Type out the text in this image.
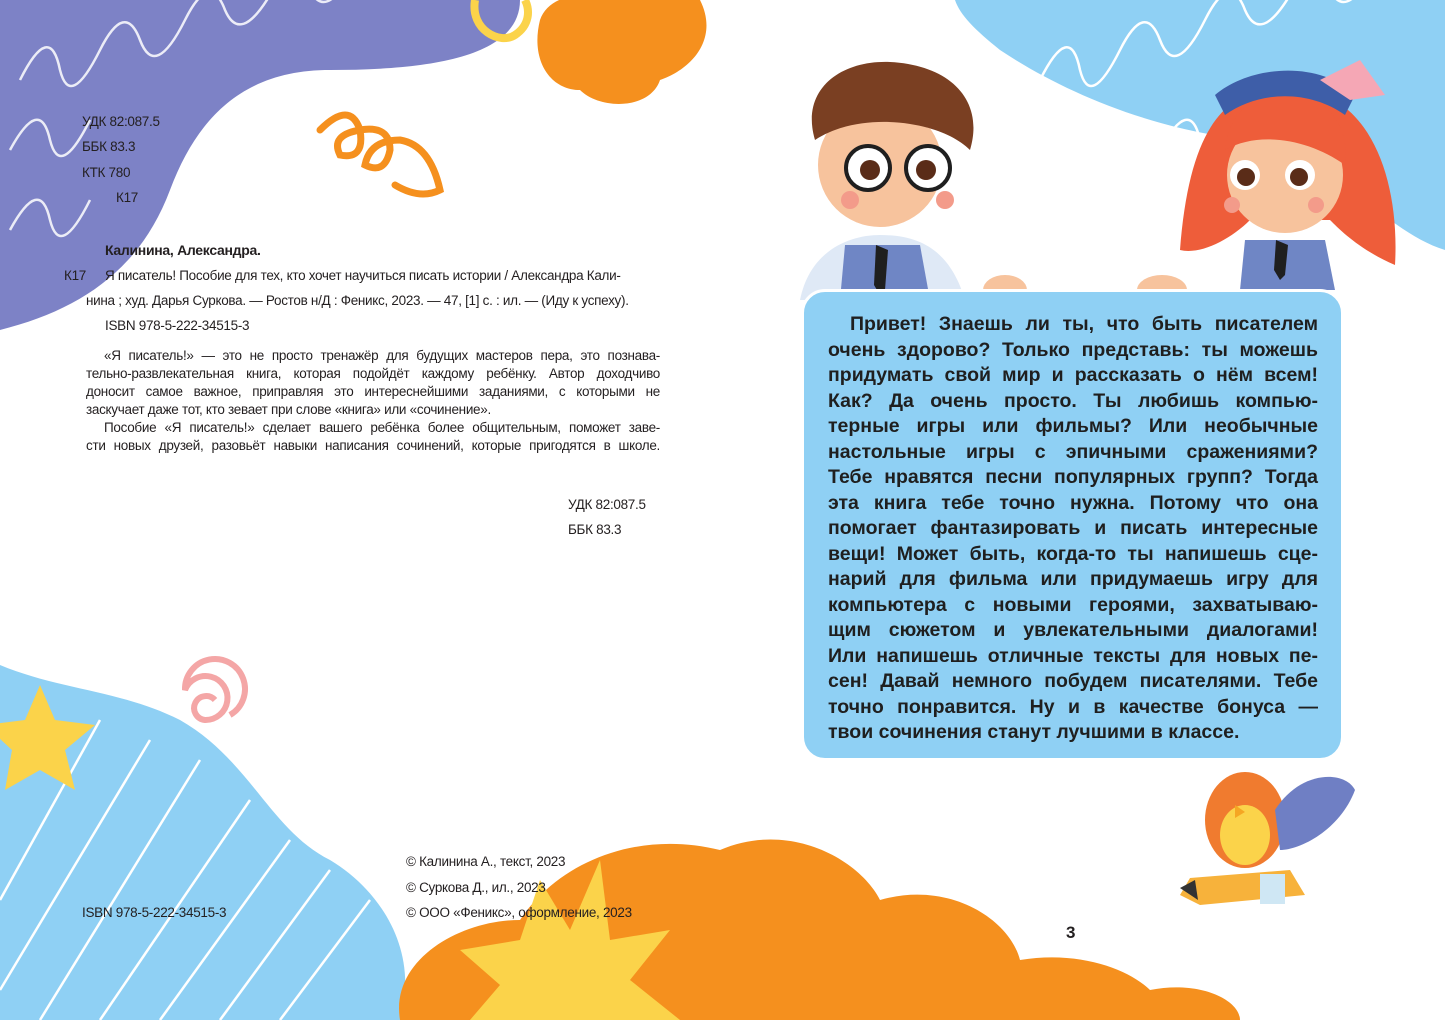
УДК 82:087.5
ББК 83.3
КТК 780
К17
Калинина, Александра.
К17 Я писатель! Пособие для тех, кто хочет научиться писать истории / Александра Кали-
нина ; худ. Дарья Суркова. — Ростов н/Д : Феникс, 2023. — 47, [1] с. : ил. — (Иду к успеху).
ISBN 978-5-222-34515-3
«Я писатель!» — это не просто тренажёр для будущих мастеров пера, это познава-
тельно-развлекательная книга, которая подойдёт каждому ребёнку. Автор доходчиво
доносит самое важное, приправляя это интереснейшими заданиями, с которыми не
заскучает даже тот, кто зевает при слове «книга» или «сочинение».
Пособие «Я писатель!» сделает вашего ребёнка более общительным, поможет заве-
сти новых друзей, разовьёт навыки написания сочинений, которые пригодятся в школе.
УДК 82:087.5
ББК 83.3
© Калинина А., текст, 2023
© Суркова Д., ил., 2023
© ООО «Феникс», оформление, 2023
ISBN 978-5-222-34515-3
Привет! Знаешь ли ты, что быть писателем
очень здорово? Только представь: ты можешь
придумать свой мир и рассказать о нём всем!
Как? Да очень просто. Ты любишь компью-
терные игры или фильмы? Или необычные
настольные игры с эпичными сражениями?
Тебе нравятся песни популярных групп? Тогда
эта книга тебе точно нужна. Потому что она
помогает фантазировать и писать интересные
вещи! Может быть, когда-то ты напишешь сце-
нарий для фильма или придумаешь игру для
компьютера с новыми героями, захватываю-
щим сюжетом и увлекательными диалогами!
Или напишешь отличные тексты для новых пе-
сен! Давай немного побудем писателями. Тебе
точно понравится. Ну и в качестве бонуса —
твои сочинения станут лучшими в классе.
3
